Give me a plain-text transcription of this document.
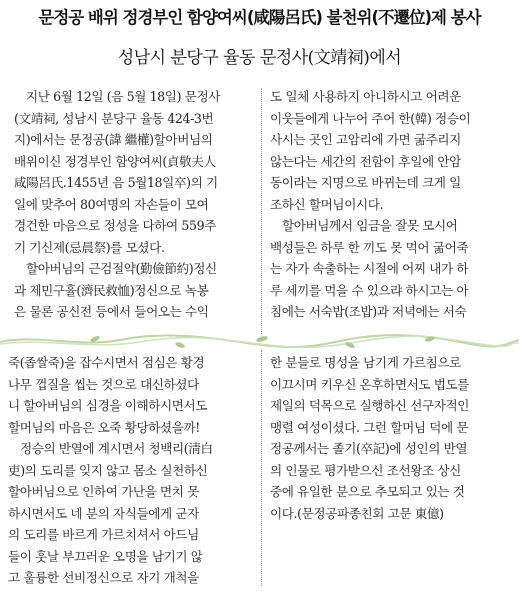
문정공 배위 정경부인 함양여씨(咸陽呂氏) 불천위(不遷位)제 봉사
성남시 분당구 율동 문정사(文靖祠)에서
지난 6월 12일 (음 5월 18일) 문정사
(文靖祠, 성남시 분당구 율동 424-3번
지)에서는 문정공(諱 繼權)할아버님의
배위이신 정경부인 함양여씨(貞敬夫人
咸陽呂氏.1455년 음 5월18일卒)의 기
일에 맞추어 80여명의 자손들이 모여
경건한 마음으로 정성을 다하여 559주
기 기신제(忌晨祭)를 모셨다.
할아버님의 근검절약(勤儉節約)정신
과 제민구휼(濟民救恤)정신으로 녹봉
은 물론 공신전 등에서 들어오는 수익
도 일체 사용하지 아니하시고 어려운
이웃들에게 나누어 주어 한(韓) 정승이
사시는 곳인 고암리에 가면 굶주리지
않는다는 세간의 전함이 후일에 안암
동이라는 지명으로 바뀌는데 크게 일
조하신 할머님이시다.
할아버님께서 임금을 잘못 모시어
백성들은 하루 한 끼도 못 먹어 굶어죽
는 자가 속출하는 시절에 어찌 내가 하
루 세끼를 먹을 수 있으랴 하시고는 아
침에는 서숙밥(조밥)과 저녁에는 서숙
죽(좁쌀죽)을 잡수시면서 점심은 황경
나무 껍질을 씹는 것으로 대신하셨다
니 할아버님의 심경을 이해하시면서도
할머님의 마음은 오죽 황당하셨을까!
정승의 반열에 계시면서 청백리(淸白
吏)의 도리를 잊지 않고 몸소 실천하신
할아버님으로 인하여 가난을 면치 못
하시면서도 네 분의 자식들에게 군자
의 도리를 바르게 가르치셔서 아드님
들이 훗날 부끄러운 오명을 남기기 않
고 훌륭한 선비정신으로 자기 개척을
한 분들로 명성을 남기게 가르침으로
이끄시며 키우신 온후하면서도 법도를
제일의 덕목으로 실행하신 선구자적인
맹렬 여성이셨다. 그런 할머님 덕에 문
정공께서는 졸기(卒記)에 성인의 반열
의 인물로 평가받으신 조선왕조 상신
중에 유일한 분으로 추모되고 있는 것
이다.(문정공파종친회 고문 東億)
